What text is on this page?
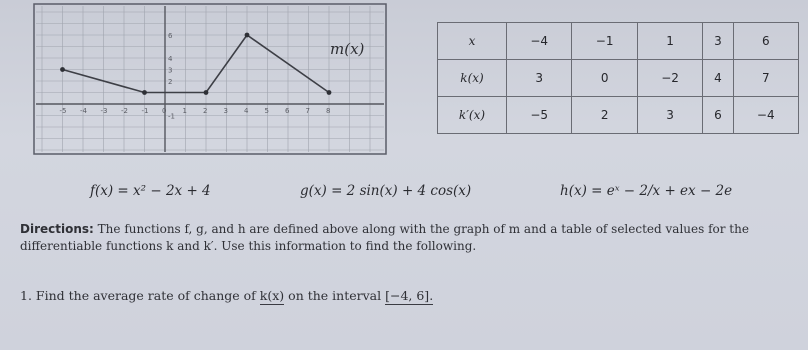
-5 -4 -3 -2 -1 0 1 2 3 4 5 6 7 8
-1
2
3
4
6
m(x)	x	−4	−1	1	3	6
k(x)	3	0	−2	4	7
k′(x)	−5	2	3	6	−4
f(x) = x² − 2x + 4	g(x) = 2 sin(x) + 4 cos(x)	h(x) = eˣ − 2/x + ex − 2e
Directions: The functions f, g, and h are defined above along with the graph of m and a table of selected values for the differentiable functions k and k′. Use this information to find the following.
1. Find the average rate of change of k(x) on the interval [−4, 6].
